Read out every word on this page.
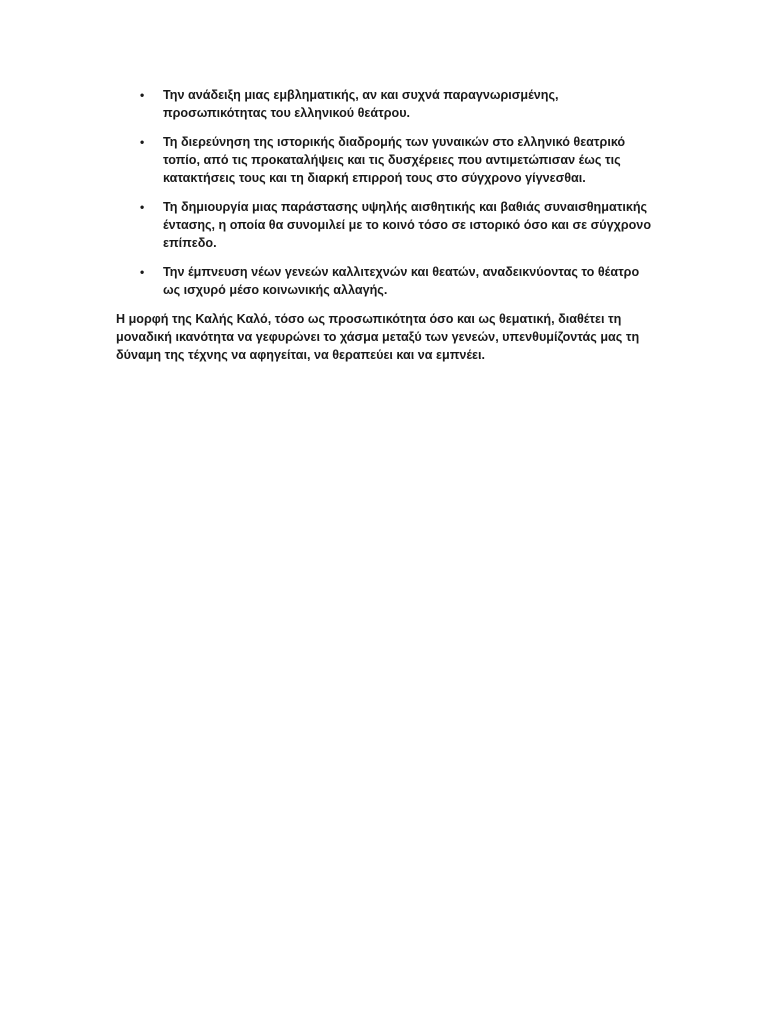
• Την ανάδειξη μιας εμβληματικής, αν και συχνά παραγνωρισμένης, προσωπικότητας του ελληνικού θεάτρου.
• Τη διερεύνηση της ιστορικής διαδρομής των γυναικών στο ελληνικό θεατρικό τοπίο, από τις προκαταλήψεις και τις δυσχέρειες που αντιμετώπισαν έως τις κατακτήσεις τους και τη διαρκή επιρροή τους στο σύγχρονο γίγνεσθαι.
• Τη δημιουργία μιας παράστασης υψηλής αισθητικής και βαθιάς συναισθηματικής έντασης, η οποία θα συνομιλεί με το κοινό τόσο σε ιστορικό όσο και σε σύγχρονο επίπεδο.
• Την έμπνευση νέων γενεών καλλιτεχνών και θεατών, αναδεικνύοντας το θέατρο ως ισχυρό μέσο κοινωνικής αλλαγής.

Η μορφή της Καλής Καλό, τόσο ως προσωπικότητα όσο και ως θεματική, διαθέτει τη μοναδική ικανότητα να γεφυρώνει το χάσμα μεταξύ των γενεών, υπενθυμίζοντάς μας τη δύναμη της τέχνης να αφηγείται, να θεραπεύει και να εμπνέει.
